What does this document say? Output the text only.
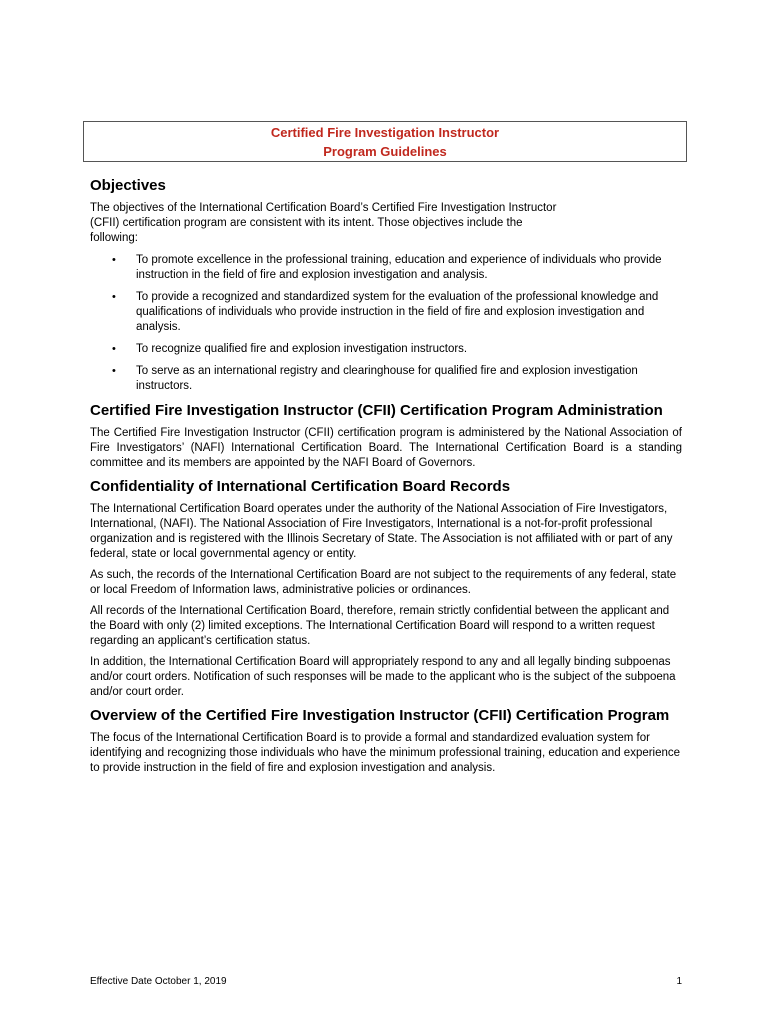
Certified Fire Investigation Instructor
Program Guidelines
Objectives

The objectives of the International Certification Board’s Certified Fire Investigation Instructor (CFII) certification program are consistent with its intent. Those objectives include the following:

• To promote excellence in the professional training, education and experience of individuals who provide instruction in the field of fire and explosion investigation and analysis.
• To provide a recognized and standardized system for the evaluation of the professional knowledge and qualifications of individuals who provide instruction in the field of fire and explosion investigation and analysis.
• To recognize qualified fire and explosion investigation instructors.
• To serve as an international registry and clearinghouse for qualified fire and explosion investigation instructors.
Certified Fire Investigation Instructor (CFII) Certification Program Administration

The Certified Fire Investigation Instructor (CFII) certification program is administered by the National Association of Fire Investigators’ (NAFI) International Certification Board. The International Certification Board is a standing committee and its members are appointed by the NAFI Board of Governors.

Confidentiality of International Certification Board Records

The International Certification Board operates under the authority of the National Association of Fire Investigators, International, (NAFI). The National Association of Fire Investigators, International is a not-for-profit professional organization and is registered with the Illinois Secretary of State. The Association is not affiliated with or part of any federal, state or local governmental agency or entity.

As such, the records of the International Certification Board are not subject to the requirements of any federal, state or local Freedom of Information laws, administrative policies or ordinances.

All records of the International Certification Board, therefore, remain strictly confidential between the applicant and the Board with only (2) limited exceptions. The International Certification Board will respond to a written request regarding an applicant’s certification status.

In addition, the International Certification Board will appropriately respond to any and all legally binding subpoenas and/or court orders. Notification of such responses will be made to the applicant who is the subject of the subpoena and/or court order.

Overview of the Certified Fire Investigation Instructor (CFII) Certification Program

The focus of the International Certification Board is to provide a formal and standardized evaluation system for identifying and recognizing those individuals who have the minimum professional training, education and experience to provide instruction in the field of fire and explosion investigation and analysis.

Effective Date October 1, 2019	1
